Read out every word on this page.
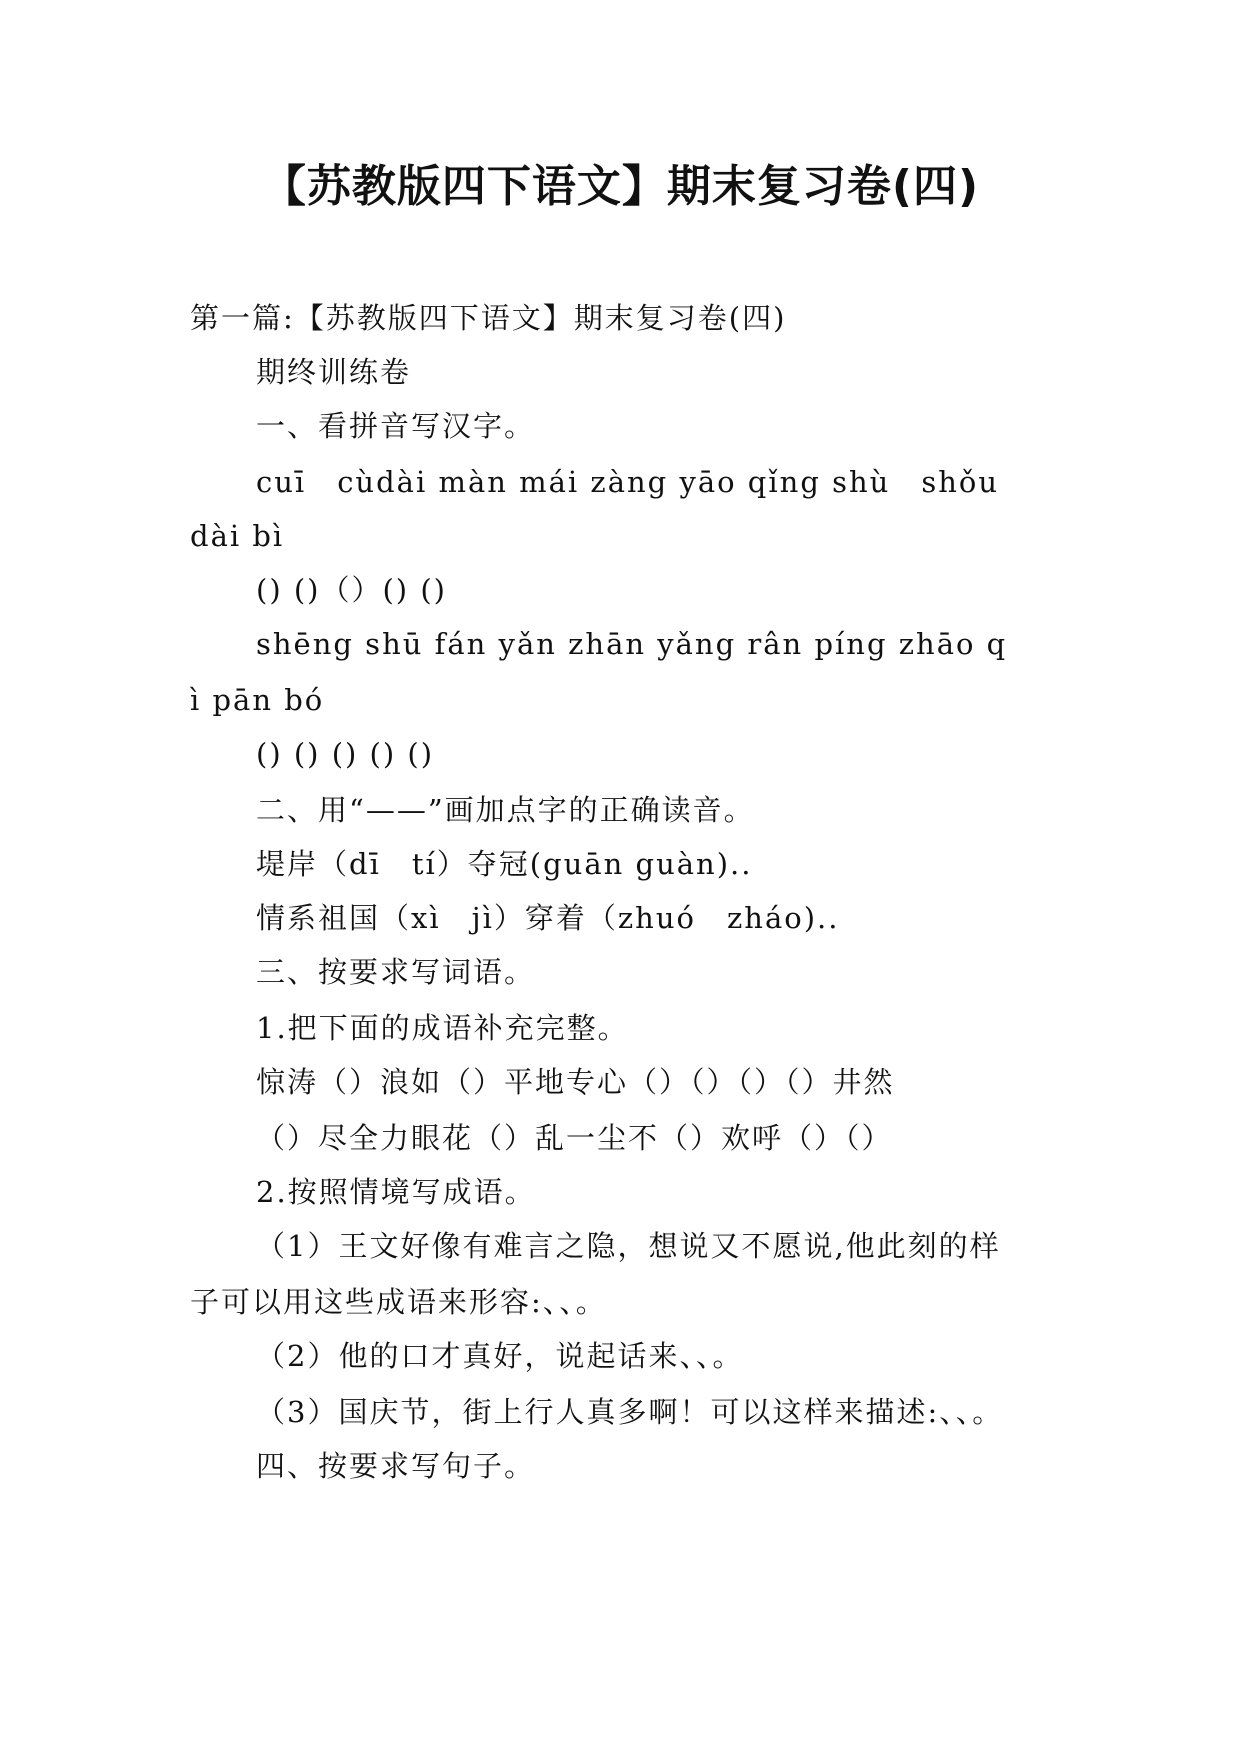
【苏教版四下语文】期末复习卷(四)
第一篇:【苏教版四下语文】期末复习卷(四)
期终训练卷
一、看拼音写汉字。
cuī　cùdài màn mái zàng yāo qǐng shù　shǒu
dài bì
() ()（）() ()
shēng shū fán yǎn zhān yǎng rân píng zhāo q
ì pān bó
() () () () ()
二、用“——”画加点字的正确读音。
堤岸（dī　tí）夺冠(guān guàn)..
情系祖国（xì　jì）穿着（zhuó　zháo)..
三、按要求写词语。
1.把下面的成语补充完整。
惊涛（）浪如（）平地专心（）（）（）（）井然
（）尽全力眼花（）乱一尘不（）欢呼（）（）
2.按照情境写成语。
（1）王文好像有难言之隐，想说又不愿说,他此刻的样
子可以用这些成语来形容:、、。
（2）他的口才真好，说起话来、、。
（3）国庆节，街上行人真多啊！可以这样来描述:、、。
四、按要求写句子。
